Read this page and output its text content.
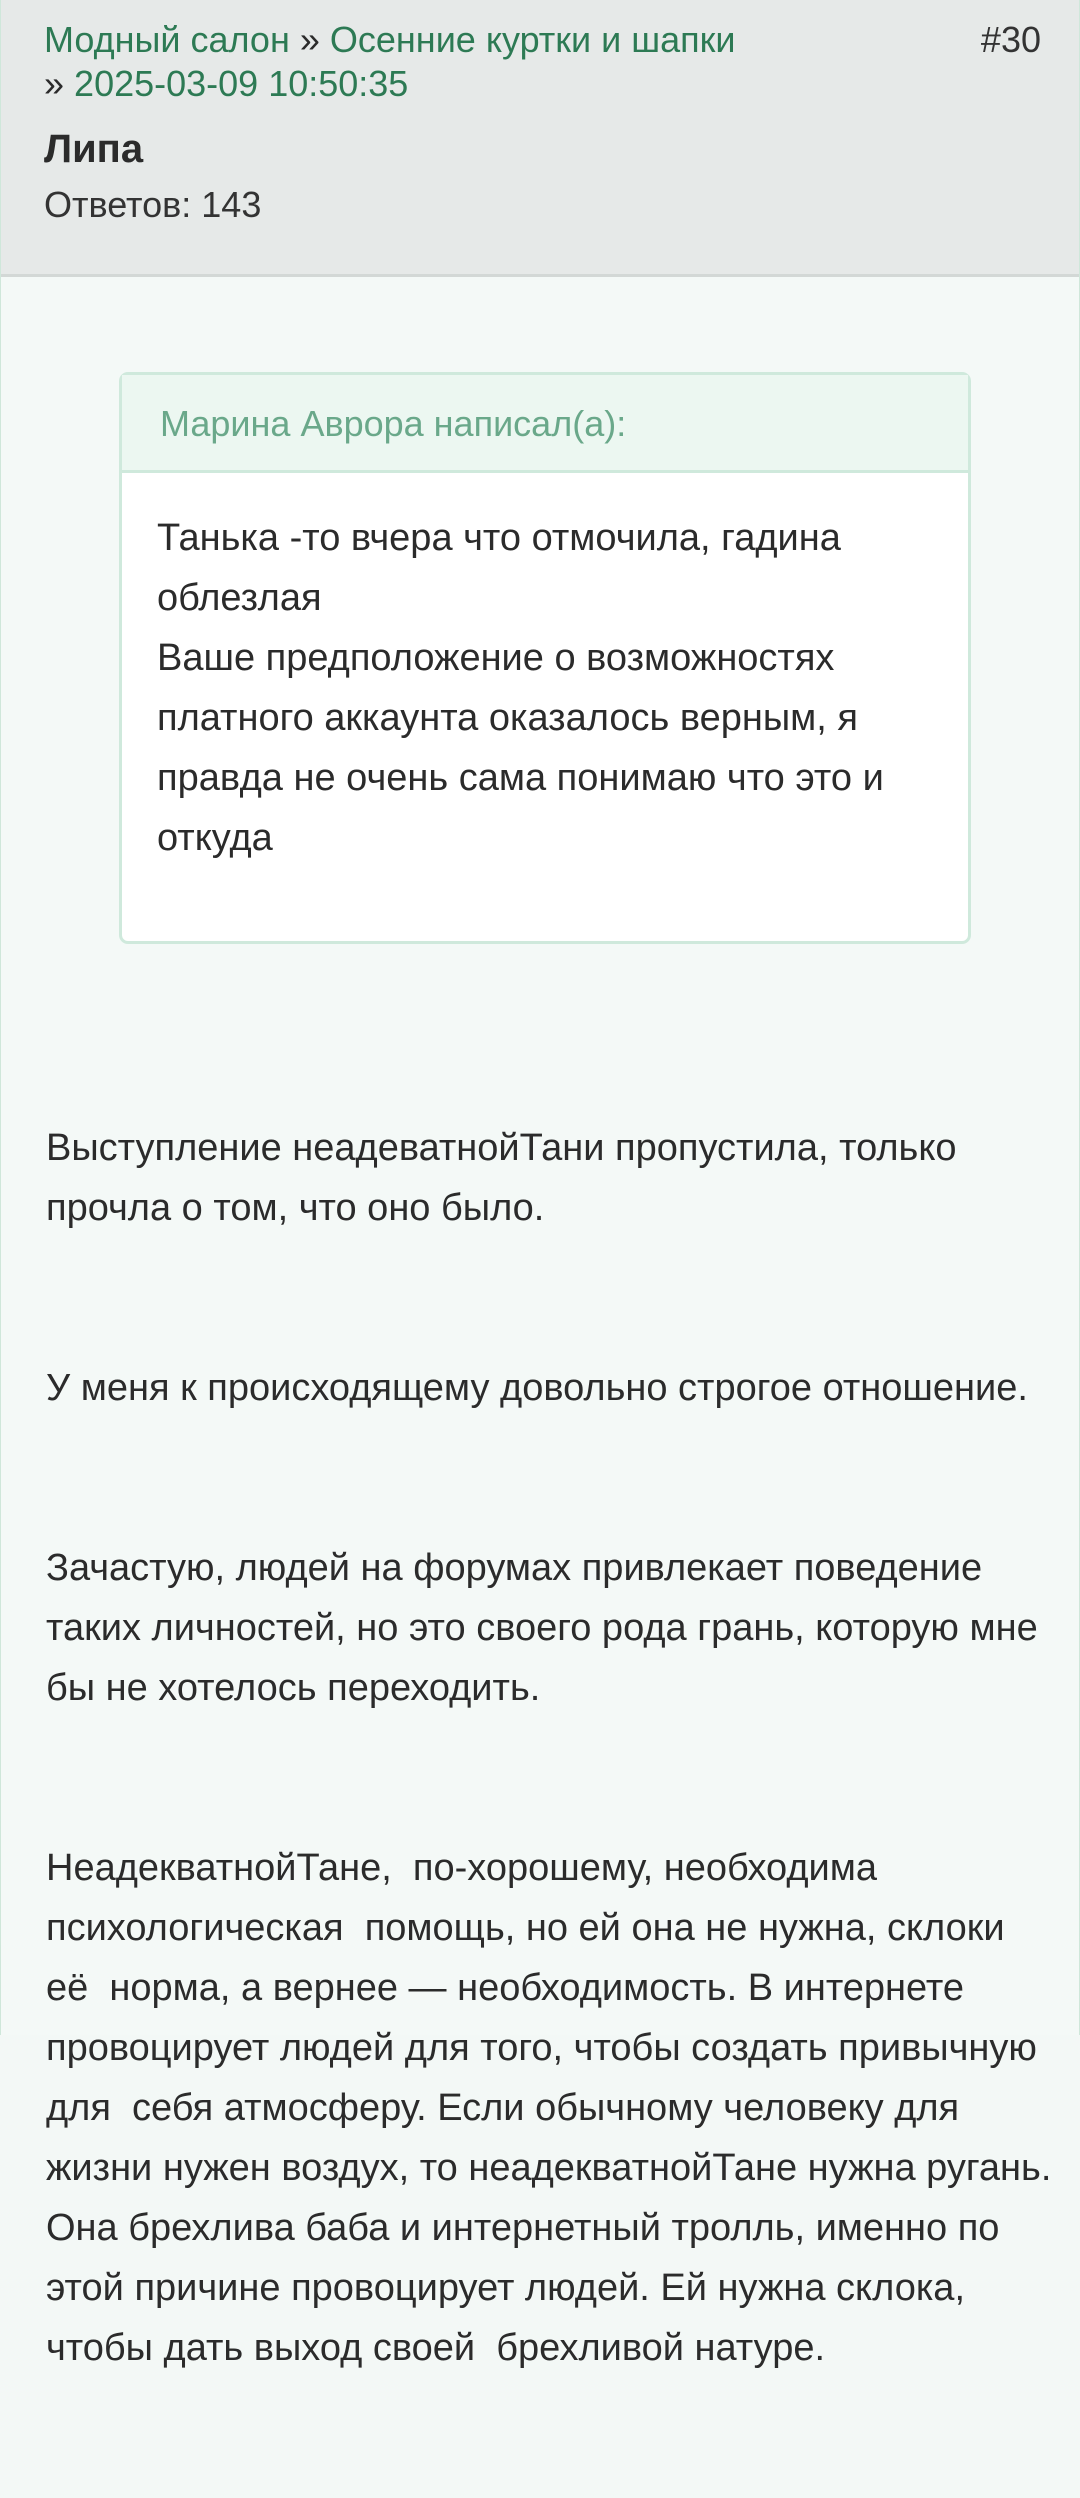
Модный салон » Осенние куртки и шапки
» 2025-03-09 10:50:35
#30
Липа
Ответов: 143
Марина Аврора написал(а):

Танька -то вчера что отмочила, гадина облезлая

Ваше предположение о возможностях платного аккаунта оказалось верным, я правда не очень сама понимаю что это и откуда

Выступление неадеватнойТани пропустила, только прочла о том, что оно было.

У меня к происходящему довольно строгое отношение.

Зачастую, людей на форумах привлекает поведение таких личностей, но это своего рода грань, которую мне бы не хотелось переходить.

НеадекватнойТане,  по-хорошему, необходима психологическая  помощь, но ей она не нужна, склоки её  норма, а вернее — необходимость. В интернете  провоцирует людей для того, чтобы создать привычную для  себя атмосферу. Если обычному человеку для жизни нужен воздух, то неадекватнойТане нужна ругань. Она брехлива баба и интернетный тролль, именно по этой причине провоцирует людей. Ей нужна склока, чтобы дать выход своей  брехливой натуре.
